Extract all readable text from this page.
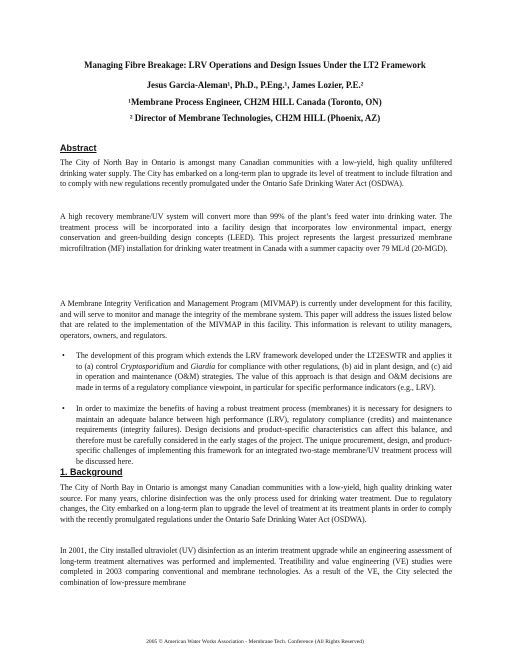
Managing Fibre Breakage: LRV Operations and Design Issues Under the LT2 Framework
Jesus Garcia-Aleman¹, Ph.D., P.Eng.¹, James Lozier, P.E.²
¹Membrane Process Engineer, CH2M HILL Canada (Toronto, ON)
² Director of Membrane Technologies, CH2M HILL (Phoenix, AZ)
Abstract

The City of North Bay in Ontario is amongst many Canadian communities with a low-yield, high quality unfiltered drinking water supply. The City has embarked on a long-term plan to upgrade its level of treatment to include filtration and to comply with new regulations recently promulgated under the Ontario Safe Drinking Water Act (OSDWA).

A high recovery membrane/UV system will convert more than 99% of the plant’s feed water into drinking water. The treatment process will be incorporated into a facility design that incorporates low environmental impact, energy conservation and green-building design concepts (LEED). This project represents the largest pressurized membrane microfiltration (MF) installation for drinking water treatment in Canada with a summer capacity over 79 ML/d (20-MGD).

A Membrane Integrity Verification and Management Program (MIVMAP) is currently under development for this facility, and will serve to monitor and manage the integrity of the membrane system. This paper will address the issues listed below that are related to the implementation of the MIVMAP in this facility. This information is relevant to utility managers, operators, owners, and regulators.

• The development of this program which extends the LRV framework developed under the LT2ESWTR and applies it to (a) control Cryptosporidium and Giardia for compliance with other regulations, (b) aid in plant design, and (c) aid in operation and maintenance (O&M) strategies. The value of this approach is that design and O&M decisions are made in terms of a regulatory compliance viewpoint, in particular for specific performance indicators (e.g., LRV).
• In order to maximize the benefits of having a robust treatment process (membranes) it is necessary for designers to maintain an adequate balance between high performance (LRV), regulatory compliance (credits) and maintenance requirements (integrity failures). Design decisions and product-specific characteristics can affect this balance, and therefore must be carefully considered in the early stages of the project. The unique procurement, design, and product-specific challenges of implementing this framework for an integrated two-stage membrane/UV treatment process will be discussed here.
1. Background

The City of North Bay in Ontario is amongst many Canadian communities with a low-yield, high quality drinking water source. For many years, chlorine disinfection was the only process used for drinking water treatment. Due to regulatory changes, the City embarked on a long-term plan to upgrade the level of treatment at its treatment plants in order to comply with the recently promulgated regulations under the Ontario Safe Drinking Water Act (OSDWA).

In 2001, the City installed ultraviolet (UV) disinfection as an interim treatment upgrade while an engineering assessment of long-term treatment alternatives was performed and implemented. Treatibility and value engineering (VE) studies were completed in 2003 comparing conventional and membrane technologies. As a result of the VE, the City selected the combination of low-pressure membrane

2005 © American Water Works Association - Membrane Tech. Conference (All Rights Reserved)
